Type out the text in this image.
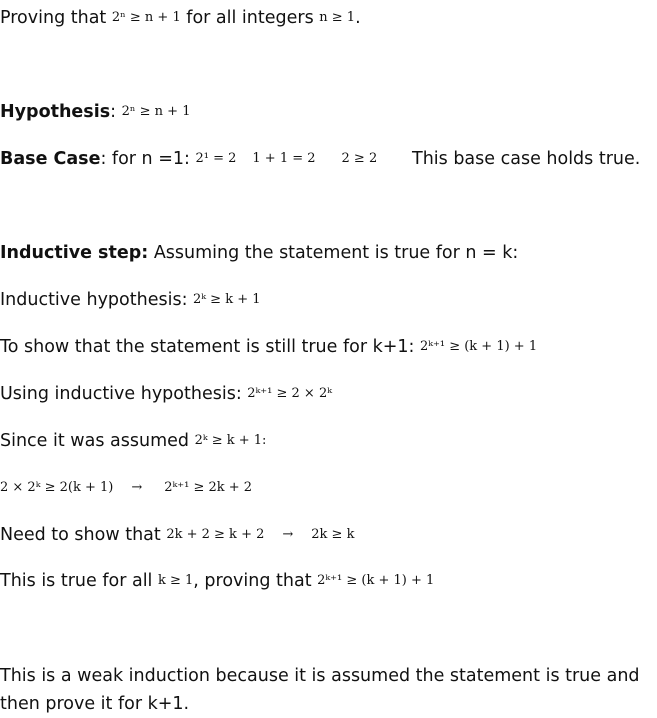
Proving that 2ⁿ ≥ n + 1 for all integers n ≥ 1.
Hypothesis: 2ⁿ ≥ n + 1
Base Case: for n =1: 2¹ = 2 1 + 1 = 2 2 ≥ 2 This base case holds true.
Inductive step: Assuming the statement is true for n = k:
Inductive hypothesis: 2ᵏ ≥ k + 1
To show that the statement is still true for k+1: 2ᵏ⁺¹ ≥ (k + 1) + 1
Using inductive hypothesis: 2ᵏ⁺¹ ≥ 2 × 2ᵏ
Since it was assumed 2ᵏ ≥ k + 1:
2 × 2ᵏ ≥ 2(k + 1) → 2ᵏ⁺¹ ≥ 2k + 2
Need to show that 2k + 2 ≥ k + 2 → 2k ≥ k
This is true for all k ≥ 1, proving that 2ᵏ⁺¹ ≥ (k + 1) + 1
This is a weak induction because it is assumed the statement is true and then prove it for k+1.
